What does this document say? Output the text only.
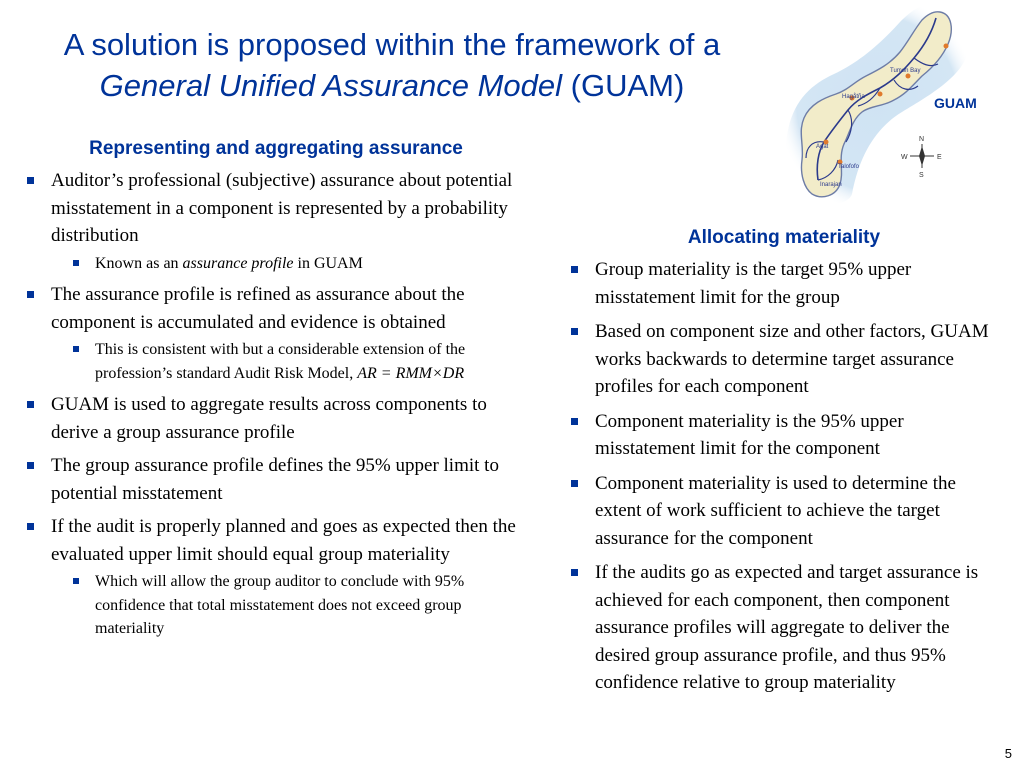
A solution is proposed within the framework of a
General Unified Assurance Model (GUAM)	Tumon Bay
Hagåtña
Agat
Talofofo
Inarajan
N
S
W	E
GUAM
Representing and aggregating assurance
Auditor’s professional (subjective) assurance about potential misstatement in a component is represented by a probability distribution
Known as an assurance profile in GUAM
The assurance profile is refined as assurance about the component is accumulated and evidence is obtained
This is consistent with but a considerable extension of the profession’s standard Audit Risk Model, AR = RMM×DR
GUAM is used to aggregate results across components to derive a group assurance profile
The group assurance profile defines the 95% upper limit to potential misstatement
If the audit is properly planned and goes as expected then the evaluated upper limit should equal group materiality
Which will allow the group auditor to conclude with 95% confidence that total misstatement does not exceed group materiality
Allocating materiality
Group materiality is the target 95% upper misstatement limit for the group
Based on component size and other factors, GUAM works backwards to determine target assurance profiles for each component
Component materiality is the 95% upper misstatement limit for the component
Component materiality is used to determine the extent of work sufficient to achieve the target assurance for the component
If the audits go as expected and target assurance is achieved for each component, then component assurance profiles will aggregate to deliver the desired group assurance profile, and thus 95% confidence relative to group materiality
5
